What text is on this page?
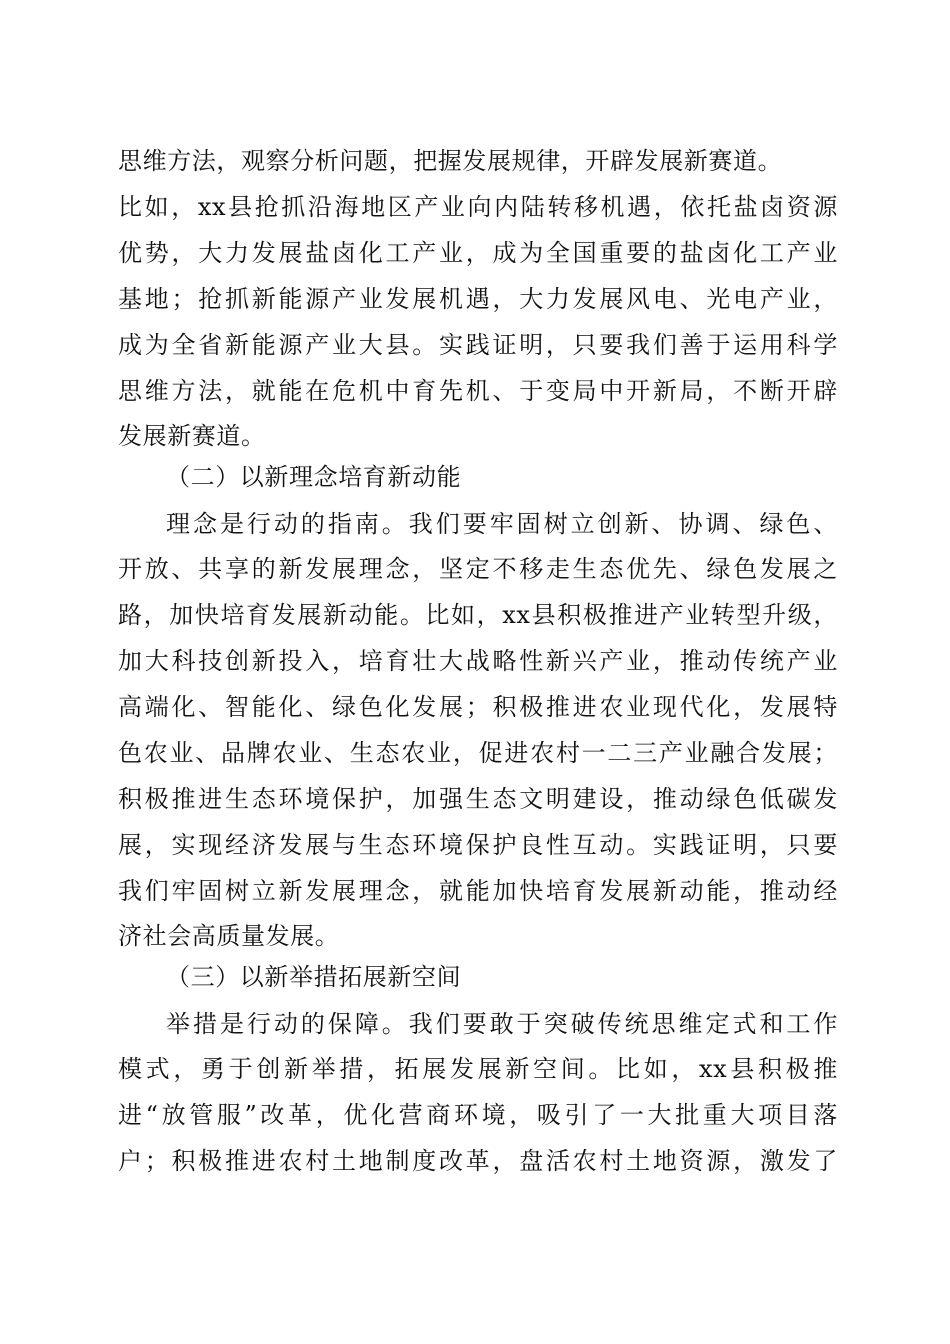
思维方法，观察分析问题，把握发展规律，开辟发展新赛道。
比如，xx县抢抓沿海地区产业向内陆转移机遇，依托盐卤资源
优势，大力发展盐卤化工产业，成为全国重要的盐卤化工产业
基地；抢抓新能源产业发展机遇，大力发展风电、光电产业，
成为全省新能源产业大县。实践证明，只要我们善于运用科学
思维方法，就能在危机中育先机、于变局中开新局，不断开辟
发展新赛道。
（二）以新理念培育新动能
理念是行动的指南。我们要牢固树立创新、协调、绿色、
开放、共享的新发展理念，坚定不移走生态优先、绿色发展之
路，加快培育发展新动能。比如，xx县积极推进产业转型升级，
加大科技创新投入，培育壮大战略性新兴产业，推动传统产业
高端化、智能化、绿色化发展；积极推进农业现代化，发展特
色农业、品牌农业、生态农业，促进农村一二三产业融合发展；
积极推进生态环境保护，加强生态文明建设，推动绿色低碳发
展，实现经济发展与生态环境保护良性互动。实践证明，只要
我们牢固树立新发展理念，就能加快培育发展新动能，推动经
济社会高质量发展。
（三）以新举措拓展新空间
举措是行动的保障。我们要敢于突破传统思维定式和工作
模式，勇于创新举措，拓展发展新空间。比如，xx县积极推
进“放管服”改革，优化营商环境，吸引了一大批重大项目落
户；积极推进农村土地制度改革，盘活农村土地资源，激发了
